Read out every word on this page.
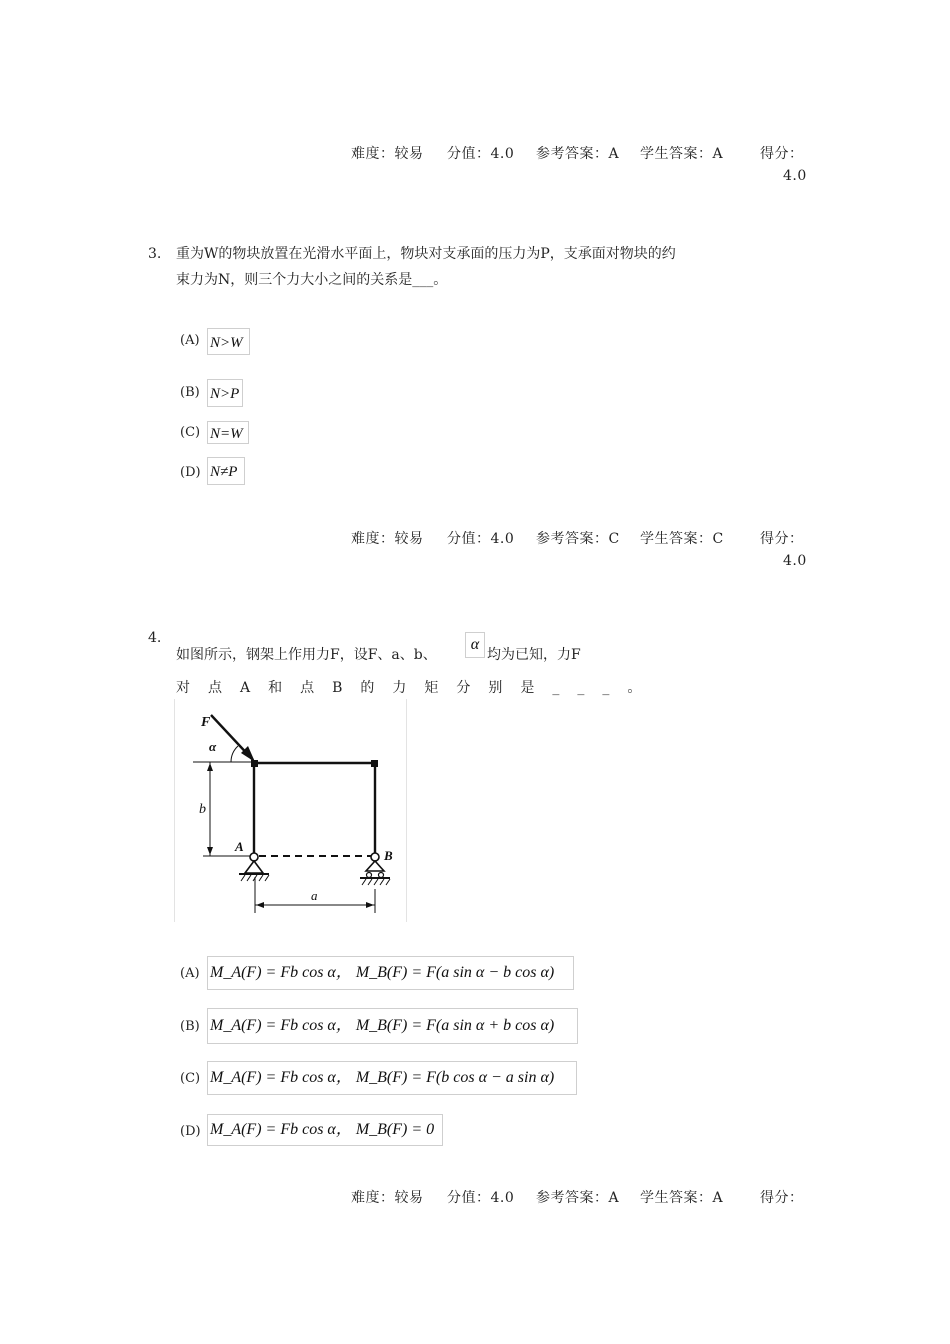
难度：较易 分值：4.0 参考答案：A 学生答案：A	得分：
4.0
3. 重为W的物块放置在光滑水平面上，物块对支承面的压力为P，支承面对物块的约
束力为N，则三个力大小之间的关系是___。
(A) N>W
(B) N>P
(C) N=W
(D) N≠P
难度：较易 分值：4.0 参考答案：C 学生答案：C	得分：
4.0
4.
如图所示，钢架上作用力F，设F、a、b、
α
均为已知，力F
对点A和点B的力矩分别是___。
b
F
α
A
B
a
(A) M_A(F) = Fb cos α， M_B(F) = F(a sin α − b cos α)
(B) M_A(F) = Fb cos α， M_B(F) = F(a sin α + b cos α)
(C) M_A(F) = Fb cos α， M_B(F) = F(b cos α − a sin α)
(D) M_A(F) = Fb cos α， M_B(F) = 0
难度：较易 分值：4.0 参考答案：A 学生答案：A	得分：
